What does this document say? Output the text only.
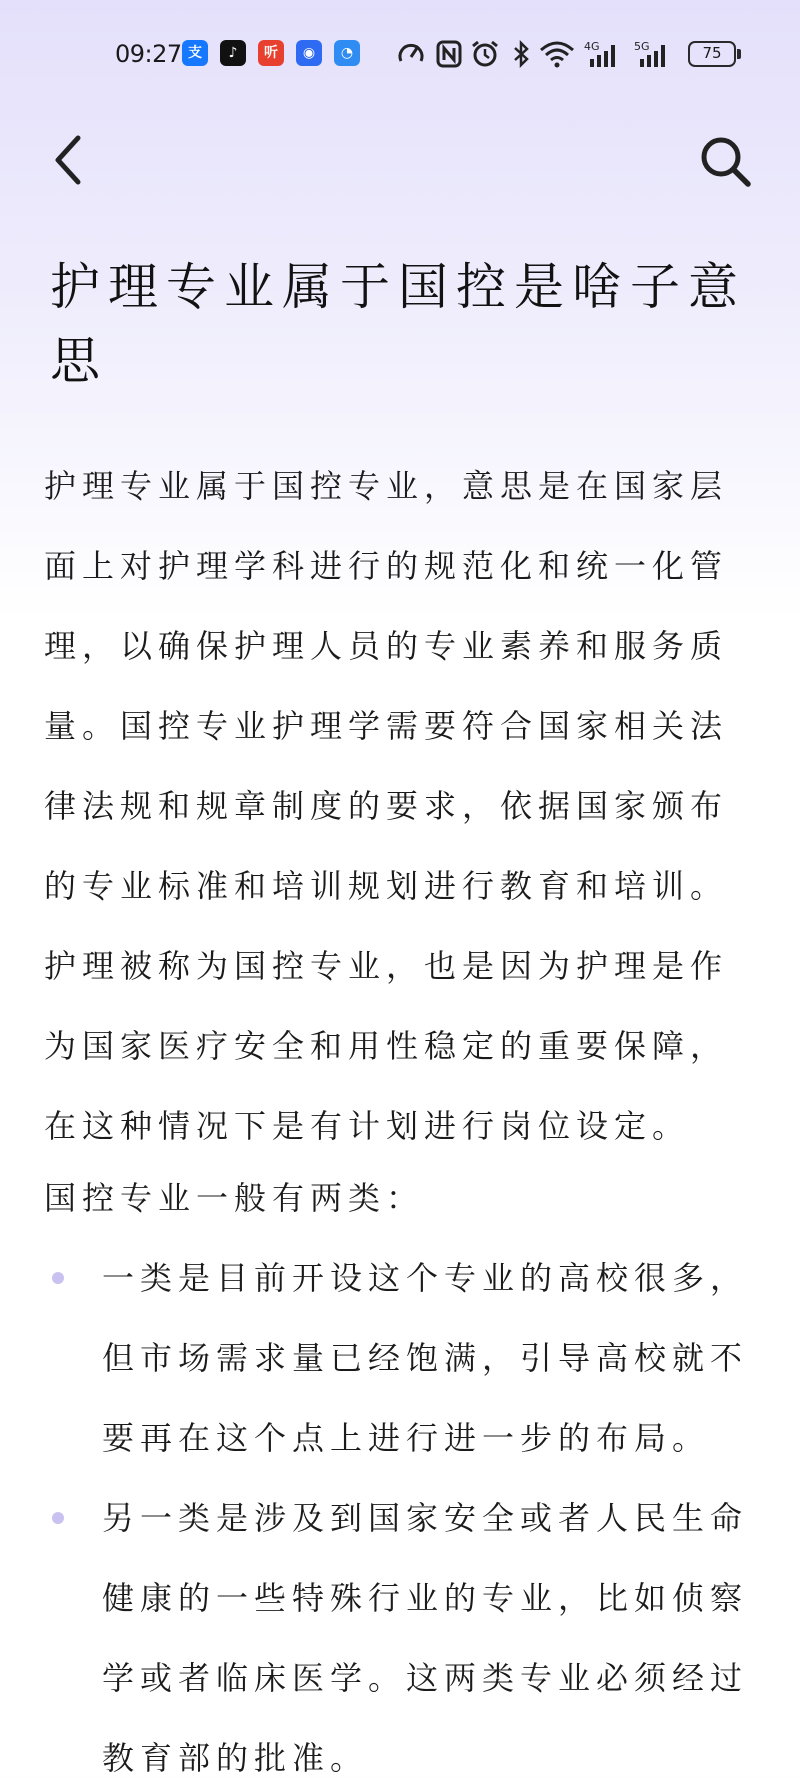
09:27 支	♪	听	◉	◔	4G	5G	75
护理专业属于国控是啥子意思

护理专业属于国控专业，意思是在国家层面上对护理学科进行的规范化和统一化管理，以确保护理人员的专业素养和服务质量。国控专业护理学需要符合国家相关法律法规和规章制度的要求，依据国家颁布的专业标准和培训规划进行教育和培训。护理被称为国控专业，也是因为护理是作为国家医疗安全和用性稳定的重要保障，在这种情况下是有计划进行岗位设定。

国控专业一般有两类：

一类是目前开设这个专业的高校很多，但市场需求量已经饱满，引导高校就不要再在这个点上进行进一步的布局。
另一类是涉及到国家安全或者人民生命健康的一些特殊行业的专业，比如侦察学或者临床医学。这两类专业必须经过教育部的批准。
